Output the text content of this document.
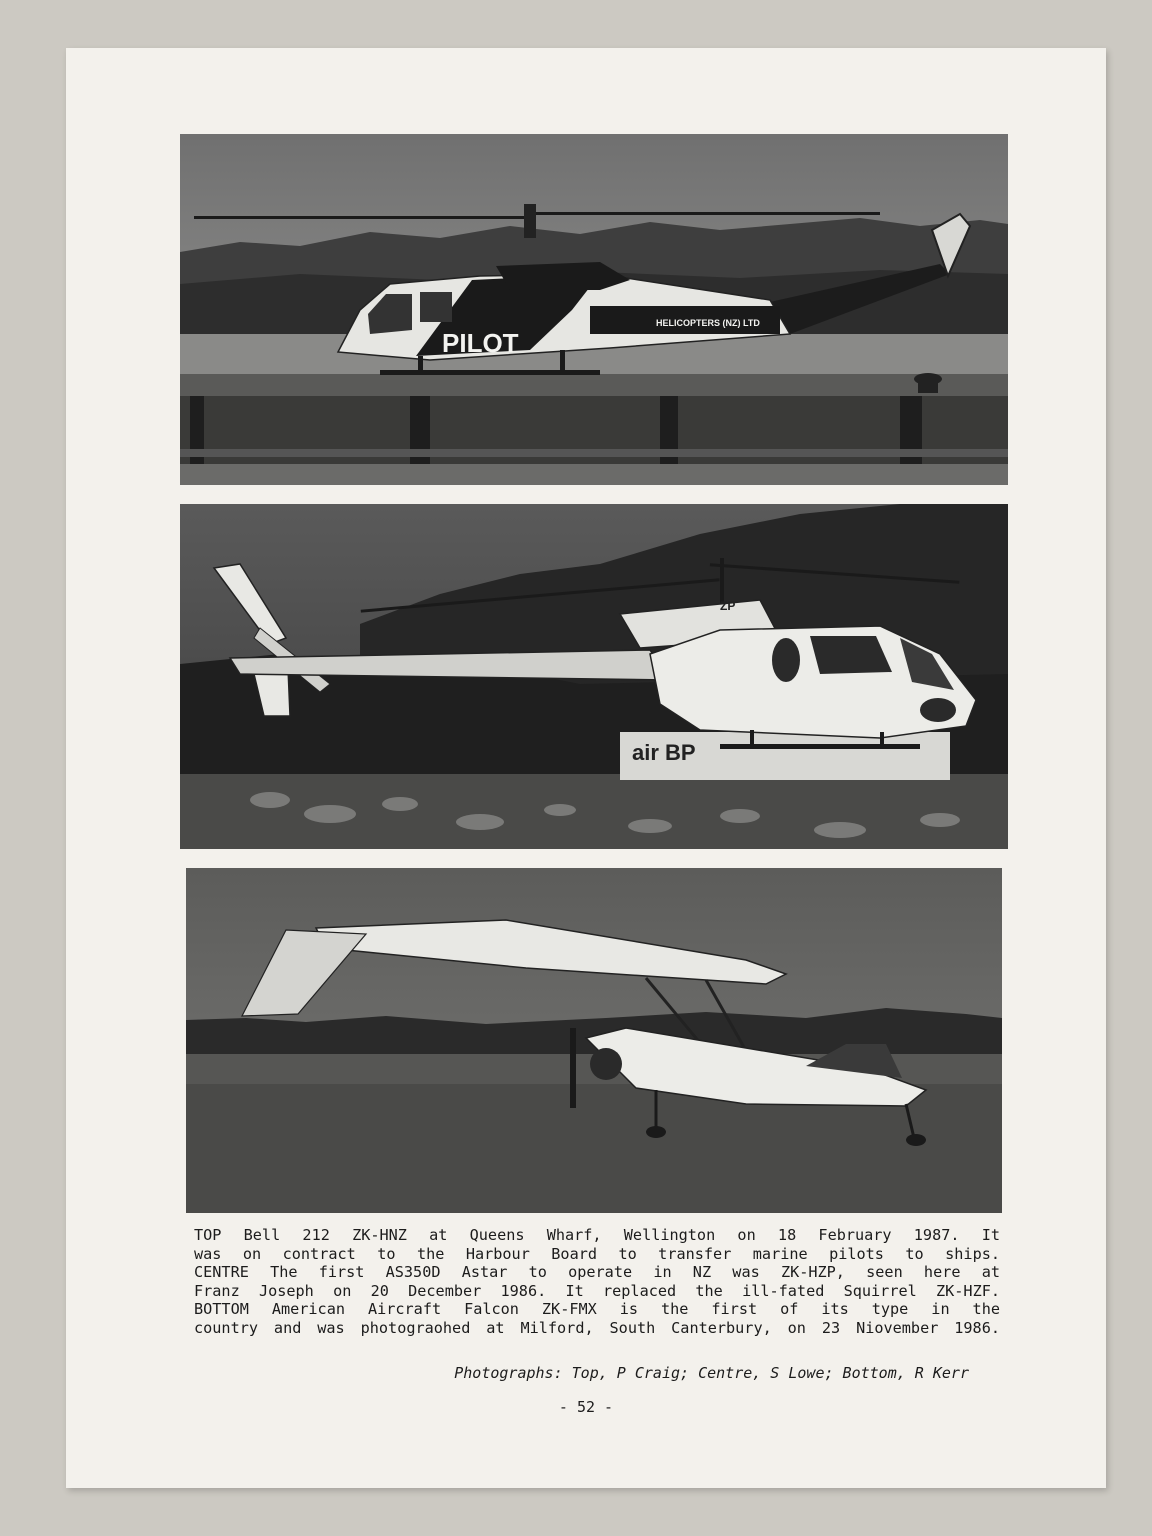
PILOT
HELICOPTERS (NZ) LTD
air BP
ZP
TOP Bell 212 ZK-HNZ at Queens Wharf, Wellington on 18 February 1987. It
was on contract to the Harbour Board to transfer marine pilots to ships.
CENTRE The first AS350D Astar to operate in NZ was ZK-HZP, seen here at
Franz Joseph on 20 December 1986. It replaced the ill-fated Squirrel ZK-HZF.
BOTTOM American Aircraft Falcon ZK-FMX is the first of its type in the
country and was photograohed at Milford, South Canterbury, on 23 Niovember 1986.
Photographs: Top, P Craig; Centre, S Lowe; Bottom, R Kerr
- 52 -
